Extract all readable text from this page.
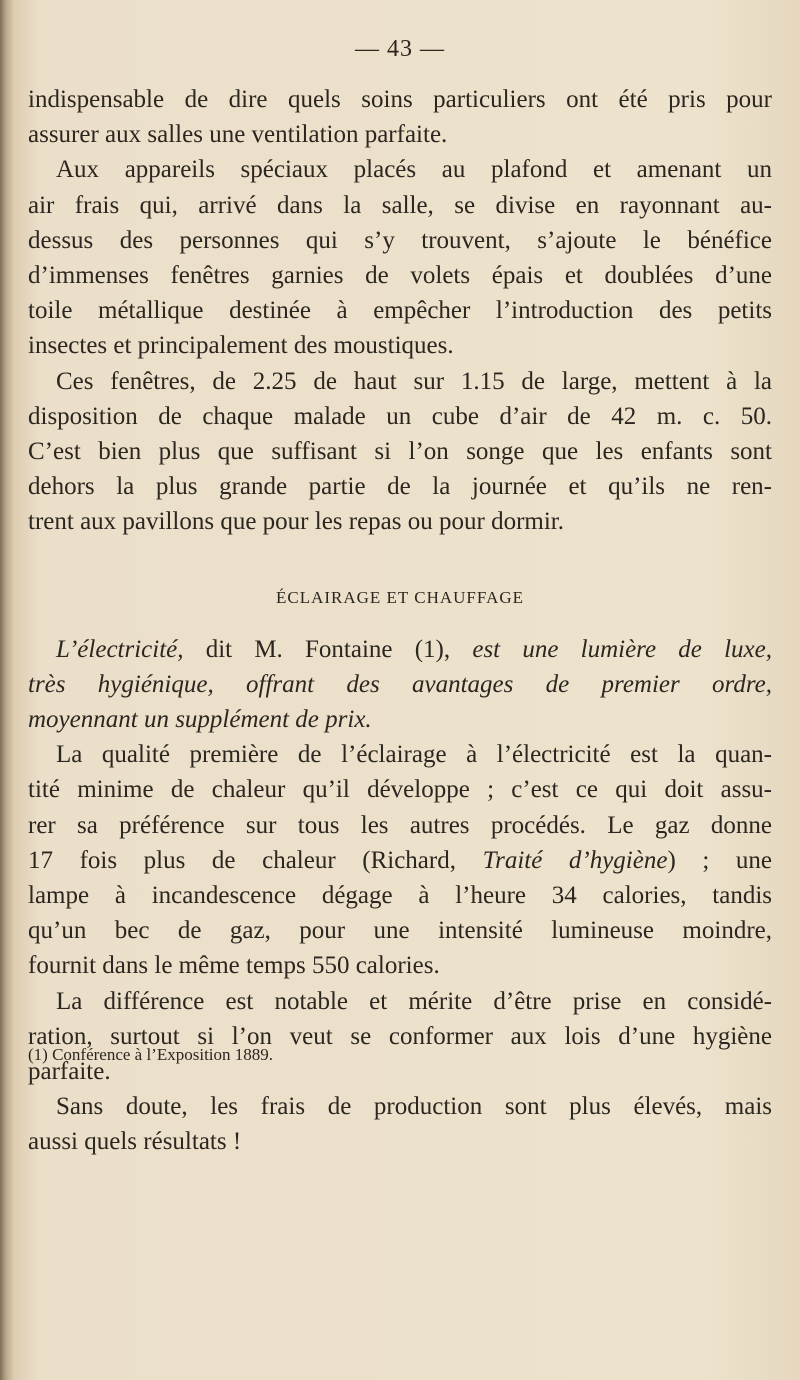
— 43 —
indispensable de dire quels soins particuliers ont été pris pour
assurer aux salles une ventilation parfaite.
Aux appareils spéciaux placés au plafond et amenant un
air frais qui, arrivé dans la salle, se divise en rayonnant au-
dessus des personnes qui s’y trouvent, s’ajoute le bénéfice
d’immenses fenêtres garnies de volets épais et doublées d’une
toile métallique destinée à empêcher l’introduction des petits
insectes et principalement des moustiques.
Ces fenêtres, de 2.25 de haut sur 1.15 de large, mettent à la
disposition de chaque malade un cube d’air de 42 m. c. 50.
C’est bien plus que suffisant si l’on songe que les enfants sont
dehors la plus grande partie de la journée et qu’ils ne ren-
trent aux pavillons que pour les repas ou pour dormir.
ÉCLAIRAGE ET CHAUFFAGE
L’électricité, dit M. Fontaine (1), est une lumière de luxe,
très hygiénique, offrant des avantages de premier ordre,
moyennant un supplément de prix.
La qualité première de l’éclairage à l’électricité est la quan-
tité minime de chaleur qu’il développe ; c’est ce qui doit assu-
rer sa préférence sur tous les autres procédés. Le gaz donne
17 fois plus de chaleur (Richard, Traité d’hygiène) ; une
lampe à incandescence dégage à l’heure 34 calories, tandis
qu’un bec de gaz, pour une intensité lumineuse moindre,
fournit dans le même temps 550 calories.
La différence est notable et mérite d’être prise en considé-
ration, surtout si l’on veut se conformer aux lois d’une hygiène
parfaite.
Sans doute, les frais de production sont plus élevés, mais
aussi quels résultats !
(1) Conférence à l’Exposition 1889.
